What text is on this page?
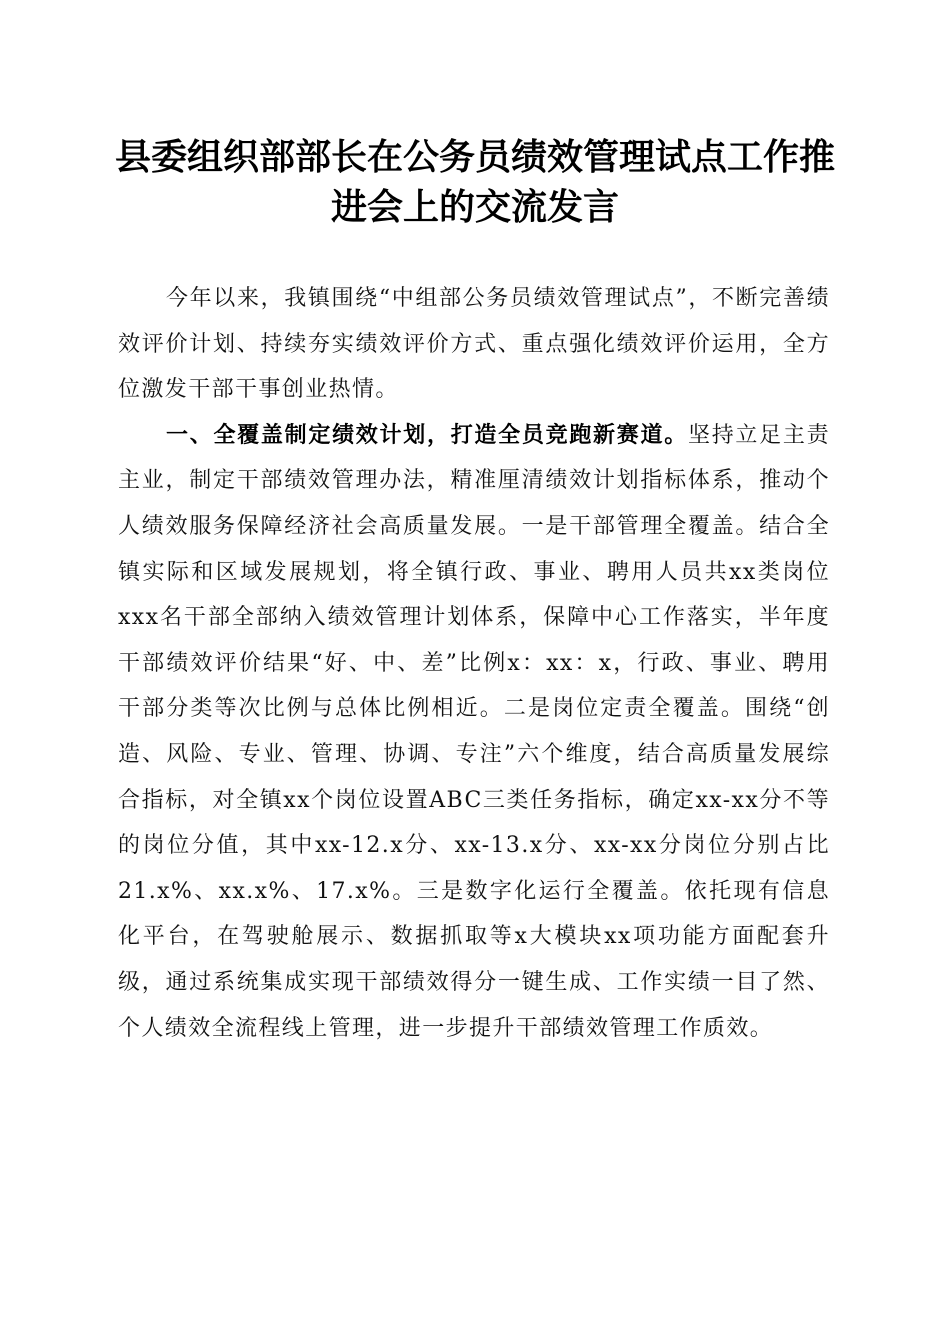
县委组织部部长在公务员绩效管理试点工作推
进会上的交流发言

今年以来，我镇围绕“中组部公务员绩效管理试点”，不断完善绩效评价计划、持续夯实绩效评价方式、重点强化绩效评价运用，全方位激发干部干事创业热情。

一、全覆盖制定绩效计划，打造全员竞跑新赛道。坚持立足主责主业，制定干部绩效管理办法，精准厘清绩效计划指标体系，推动个人绩效服务保障经济社会高质量发展。一是干部管理全覆盖。结合全镇实际和区域发展规划，将全镇行政、事业、聘用人员共xx类岗位xxx名干部全部纳入绩效管理计划体系，保障中心工作落实，半年度干部绩效评价结果“好、中、差”比例x：xx：x，行政、事业、聘用干部分类等次比例与总体比例相近。二是岗位定责全覆盖。围绕“创造、风险、专业、管理、协调、专注”六个维度，结合高质量发展综合指标，对全镇xx个岗位设置ABC三类任务指标，确定xx-xx分不等的岗位分值，其中xx-12.x分、xx-13.x分、xx-xx分岗位分别占比21.x%、xx.x%、17.x%。三是数字化运行全覆盖。依托现有信息化平台，在驾驶舱展示、数据抓取等x大模块xx项功能方面配套升级，通过系统集成实现干部绩效得分一键生成、工作实绩一目了然、个人绩效全流程线上管理，进一步提升干部绩效管理工作质效。
